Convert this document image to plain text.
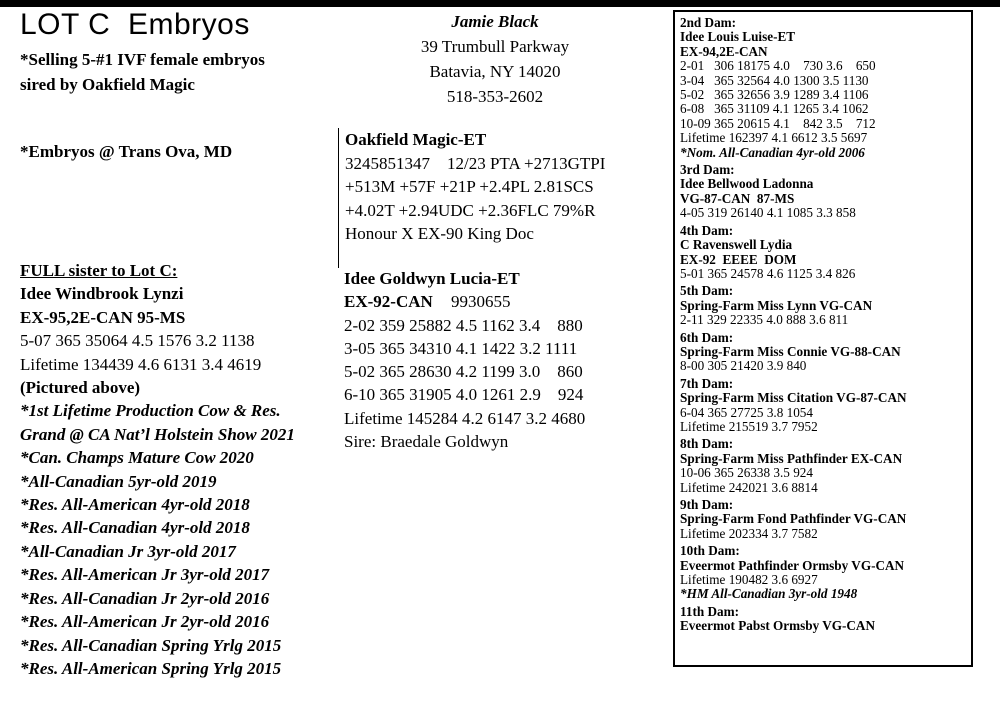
LOT C  Embryos
*Selling 5-#1 IVF female embryos
sired by Oakfield Magic
*Embryos @ Trans Ova, MD
Jamie Black
39 Trumbull Parkway
Batavia, NY 14020
518-353-2602
Oakfield Magic-ET
3245851347    12/23 PTA +2713GTPI
+513M +57F +21P +2.4PL 2.81SCS
+4.02T +2.94UDC +2.36FLC 79%R
Honour X EX-90 King Doc
Idee Goldwyn Lucia-ET
EX-92-CAN 9930655
2-02 359 25882 4.5 1162 3.4    880
3-05 365 34310 4.1 1422 3.2 1111
5-02 365 28630 4.2 1199 3.0    860
6-10 365 31905 4.0 1261 2.9    924
Lifetime 145284 4.2 6147 3.2 4680
Sire: Braedale Goldwyn
FULL sister to Lot C:
Idee Windbrook Lynzi
EX-95,2E-CAN 95-MS
5-07 365 35064 4.5 1576 3.2 1138
Lifetime 134439 4.6 6131 3.4 4619
(Pictured above)
*1st Lifetime Production Cow & Res.
Grand @ CA Nat’l Holstein Show 2021
*Can. Champs Mature Cow 2020
*All-Canadian 5yr-old 2019
*Res. All-American 4yr-old 2018
*Res. All-Canadian 4yr-old 2018
*All-Canadian Jr 3yr-old 2017
*Res. All-American Jr 3yr-old 2017
*Res. All-Canadian Jr 2yr-old 2016
*Res. All-American Jr 2yr-old 2016
*Res. All-Canadian Spring Yrlg 2015
*Res. All-American Spring Yrlg 2015
2nd Dam:
Idee Louis Luise-ET
EX-94,2E-CAN
2-01   306 18175 4.0    730 3.6    650
3-04   365 32564 4.0 1300 3.5 1130
5-02   365 32656 3.9 1289 3.4 1106
6-08   365 31109 4.1 1265 3.4 1062
10-09 365 20615 4.1    842 3.5    712
Lifetime 162397 4.1 6612 3.5 5697
*Nom. All-Canadian 4yr-old 2006
3rd Dam:
Idee Bellwood Ladonna
VG-87-CAN  87-MS
4-05 319 26140 4.1 1085 3.3 858
4th Dam:
C Ravenswell Lydia
EX-92  EEEE  DOM
5-01 365 24578 4.6 1125 3.4 826
5th Dam:
Spring-Farm Miss Lynn VG-CAN
2-11 329 22335 4.0 888 3.6 811
6th Dam:
Spring-Farm Miss Connie VG-88-CAN
8-00 305 21420 3.9 840
7th Dam:
Spring-Farm Miss Citation VG-87-CAN
6-04 365 27725 3.8 1054
Lifetime 215519 3.7 7952
8th Dam:
Spring-Farm Miss Pathfinder EX-CAN
10-06 365 26338 3.5 924
Lifetime 242021 3.6 8814
9th Dam:
Spring-Farm Fond Pathfinder VG-CAN
Lifetime 202334 3.7 7582
10th Dam:
Eveermot Pathfinder Ormsby VG-CAN
Lifetime 190482 3.6 6927
*HM All-Canadian 3yr-old 1948
11th Dam:
Eveermot Pabst Ormsby VG-CAN
